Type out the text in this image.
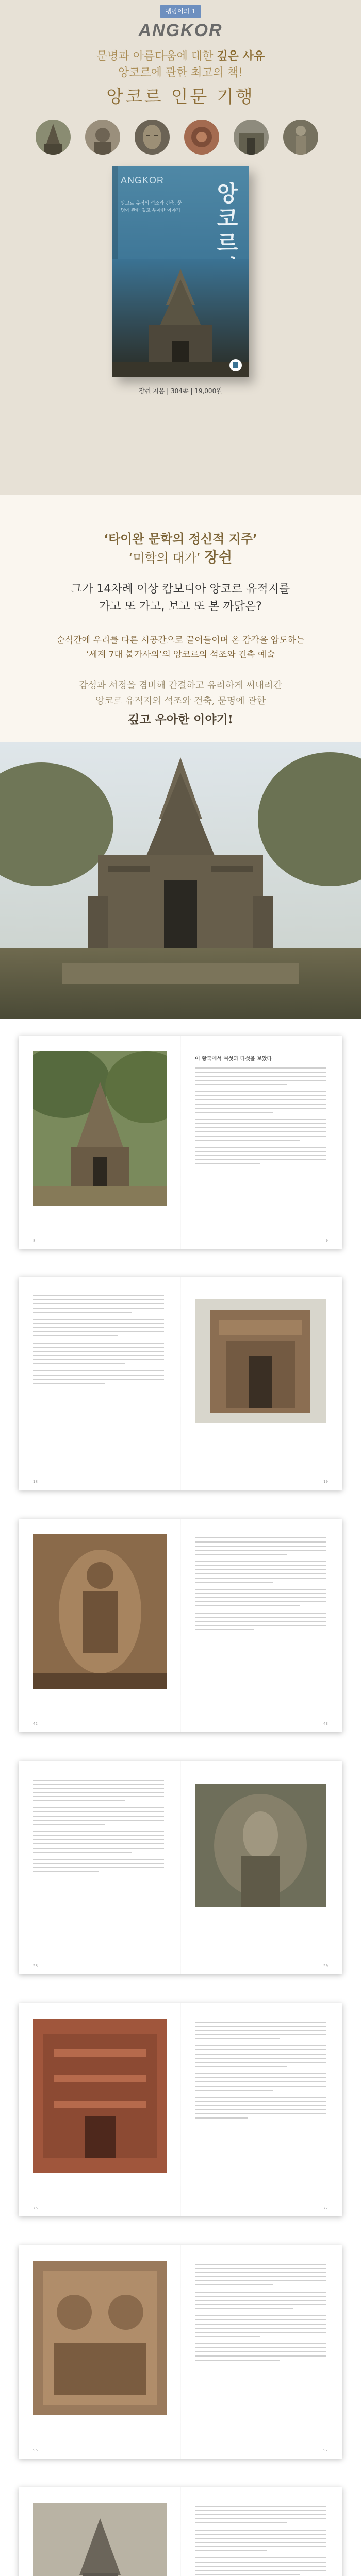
팽팡이의 1
ANGKOR
문명과 아름다움에 대한 깊은 사유
앙코르에 관한 최고의 책!
앙코르 인문 기행
ANGKOR
앙코르
앙코르 유적의 석조와 건축, 문명에 관한 깊고 우아한 이야기
장쉰 지음 | 304쪽 | 19,000원
‘타이완 문학의 정신적 지주’
‘미학의 대가’ 장쉰
그가 14차례 이상 캄보디아 앙코르 유적지를
가고 또 가고, 보고 또 본 까닭은?
순식간에 우리를 다른 시공간으로 끌어들이며 온 감각을 압도하는
‘세계 7대 불가사의’의 앙코르의 석조와 건축 예술
감성과 서정을 겸비해 간결하고 유려하게 써내려간
앙코르 유적지의 석조와 건축, 문명에 관한
깊고 우아한 이야기!
이 왕국에서 여섯과 다섯을 보았다
8	9
18	19
42	43
58	59
76	77
96	97
